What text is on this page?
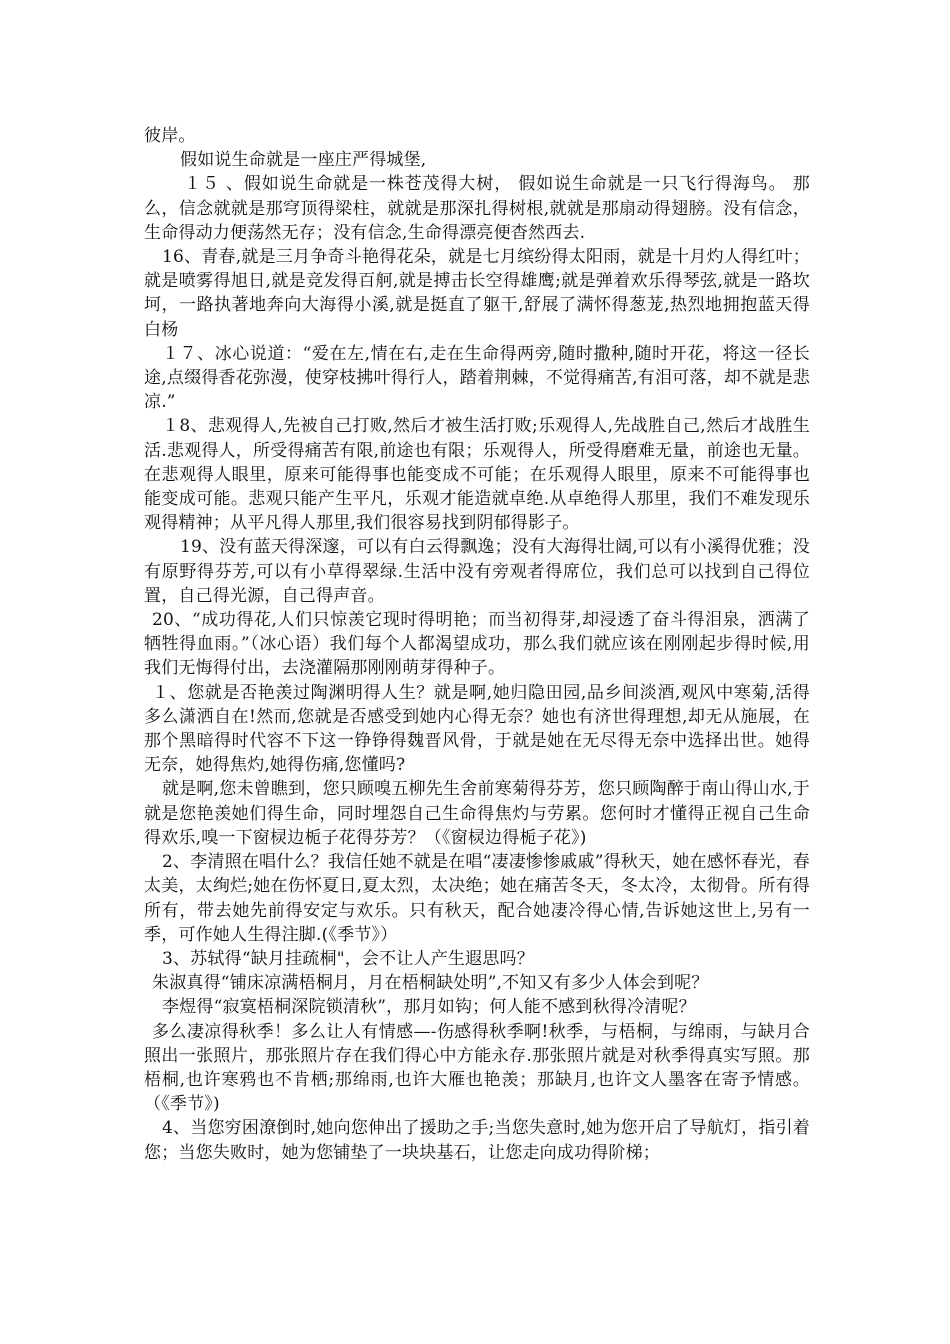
彼岸。

假如说生命就是一座庄严得城堡,

１５ 、假如说生命就是一株苍茂得大树， 假如说生命就是一只飞行得海鸟。 那么，信念就就是那穹顶得梁柱，就就是那深扎得树根,就就是那扇动得翅膀。没有信念，生命得动力便荡然无存；没有信念,生命得漂亮便杳然西去.

16、青春,就是三月争奇斗艳得花朵，就是七月缤纷得太阳雨，就是十月灼人得红叶；就是喷雾得旭日,就是竞发得百舸,就是搏击长空得雄鹰;就是弹着欢乐得琴弦,就是一路坎坷，一路执著地奔向大海得小溪,就是挺直了躯干,舒展了满怀得葱茏,热烈地拥抱蓝天得白杨

１７、冰心说道：“爱在左,情在右,走在生命得两旁,随时撒种,随时开花，将这一径长途,点缀得香花弥漫，使穿枝拂叶得行人，踏着荆棘，不觉得痛苦,有泪可落，却不就是悲凉.”

１8、悲观得人,先被自己打败,然后才被生活打败;乐观得人,先战胜自己,然后才战胜生活.悲观得人，所受得痛苦有限,前途也有限；乐观得人，所受得磨难无量，前途也无量。在悲观得人眼里，原来可能得事也能变成不可能；在乐观得人眼里，原来不可能得事也能变成可能。悲观只能产生平凡，乐观才能造就卓绝.从卓绝得人那里，我们不难发现乐观得精神；从平凡得人那里,我们很容易找到阴郁得影子。

19、没有蓝天得深邃，可以有白云得飘逸；没有大海得壮阔,可以有小溪得优雅；没有原野得芬芳,可以有小草得翠绿.生活中没有旁观者得席位，我们总可以找到自己得位置，自己得光源，自己得声音。

20、“成功得花,人们只惊羡它现时得明艳；而当初得芽,却浸透了奋斗得泪泉，洒满了牺牲得血雨。”（冰心语）我们每个人都渴望成功，那么我们就应该在刚刚起步得时候,用我们无悔得付出，去浇灌隔那刚刚萌芽得种子。

１、您就是否艳羡过陶渊明得人生？就是啊,她归隐田园,品乡间淡酒,观风中寒菊,活得多么潇洒自在!然而,您就是否感受到她内心得无奈？她也有济世得理想,却无从施展，在那个黑暗得时代容不下这一铮铮得魏晋风骨，于就是她在无尽得无奈中选择出世。她得无奈，她得焦灼,她得伤痛,您懂吗?

就是啊,您未曾瞧到，您只顾嗅五柳先生舍前寒菊得芬芳，您只顾陶醉于南山得山水,于就是您艳羡她们得生命，同时埋怨自己生命得焦灼与劳累。您何时才懂得正视自己生命得欢乐,嗅一下窗棂边栀子花得芬芳？（《窗棂边得栀子花》)

2、李清照在唱什么？我信任她不就是在唱“凄凄惨惨戚戚”得秋天，她在感怀春光，春太美，太绚烂;她在伤怀夏日,夏太烈，太决绝；她在痛苦冬天，冬太冷，太彻骨。所有得所有，带去她先前得安定与欢乐。只有秋天，配合她凄冷得心情,告诉她这世上,另有一季，可作她人生得注脚.(《季节》）

3、苏轼得“缺月挂疏桐"，会不让人产生遐思吗？

朱淑真得“铺床凉满梧桐月，月在梧桐缺处明”,不知又有多少人体会到呢？

李煜得“寂寞梧桐深院锁清秋”，那月如钩；何人能不感到秋得冷清呢？

多么凄凉得秋季！多么让人有情感—-伤感得秋季啊!秋季，与梧桐，与绵雨，与缺月合照出一张照片，那张照片存在我们得心中方能永存.那张照片就是对秋季得真实写照。那梧桐,也许寒鸦也不肯栖;那绵雨,也许大雁也艳羡；那缺月,也许文人墨客在寄予情感。（《季节》)

4、当您穷困潦倒时,她向您伸出了援助之手;当您失意时,她为您开启了导航灯，指引着您；当您失败时，她为您铺垫了一块块基石，让您走向成功得阶梯；
